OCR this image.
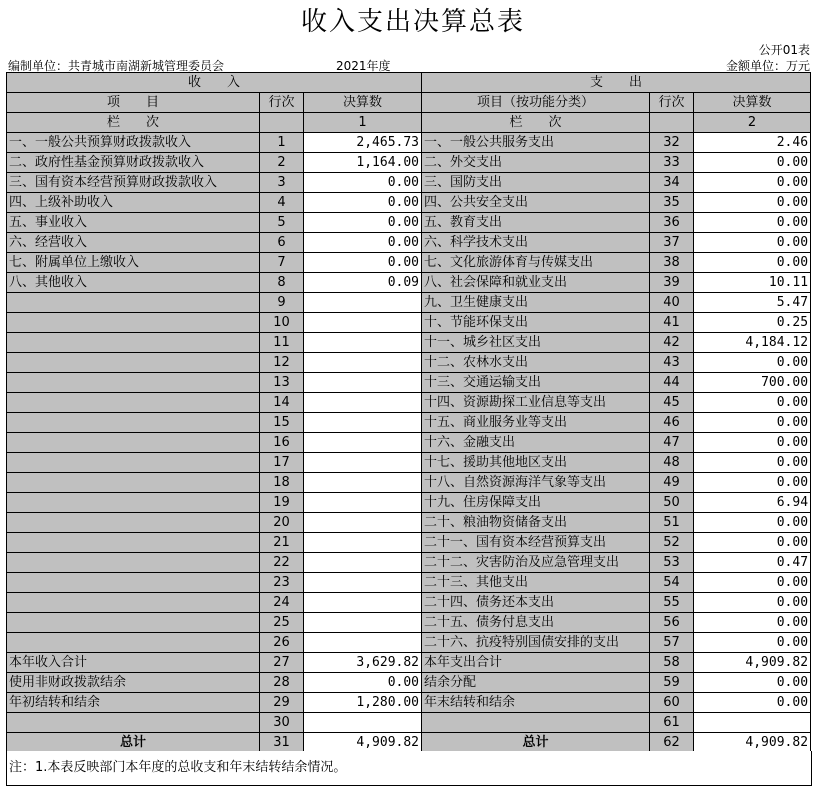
收入支出决算总表
公开01表
编制单位：共青城市南湖新城管理委员会	2021年度	金额单位：万元
收　　入			支　　出		
项　　目	行次	决算数	项目（按功能分类）	行次	决算数
栏　　次		1	栏　　次		2
一、一般公共预算财政拨款收入	1	2,465.73	一、一般公共服务支出	32	2.46
二、政府性基金预算财政拨款收入	2	1,164.00	二、外交支出	33	0.00
三、国有资本经营预算财政拨款收入	3	0.00	三、国防支出	34	0.00
四、上级补助收入	4	0.00	四、公共安全支出	35	0.00
五、事业收入	5	0.00	五、教育支出	36	0.00
六、经营收入	6	0.00	六、科学技术支出	37	0.00
七、附属单位上缴收入	7	0.00	七、文化旅游体育与传媒支出	38	0.00
八、其他收入	8	0.09	八、社会保障和就业支出	39	10.11
	9		九、卫生健康支出	40	5.47
	10		十、节能环保支出	41	0.25
	11		十一、城乡社区支出	42	4,184.12
	12		十二、农林水支出	43	0.00
	13		十三、交通运输支出	44	700.00
	14		十四、资源勘探工业信息等支出	45	0.00
	15		十五、商业服务业等支出	46	0.00
	16		十六、金融支出	47	0.00
	17		十七、援助其他地区支出	48	0.00
	18		十八、自然资源海洋气象等支出	49	0.00
	19		十九、住房保障支出	50	6.94
	20		二十、粮油物资储备支出	51	0.00
	21		二十一、国有资本经营预算支出	52	0.00
	22		二十二、灾害防治及应急管理支出	53	0.47
	23		二十三、其他支出	54	0.00
	24		二十四、债务还本支出	55	0.00
	25		二十五、债务付息支出	56	0.00
	26		二十六、抗疫特别国债安排的支出	57	0.00
本年收入合计	27	3,629.82	本年支出合计	58	4,909.82
使用非财政拨款结余	28	0.00	结余分配	59	0.00
年初结转和结余	29	1,280.00	年末结转和结余	60	0.00
	30			61	
总计	31	4,909.82	总计	62	4,909.82
注：1.本表反映部门本年度的总收支和年末结转结余情况。
